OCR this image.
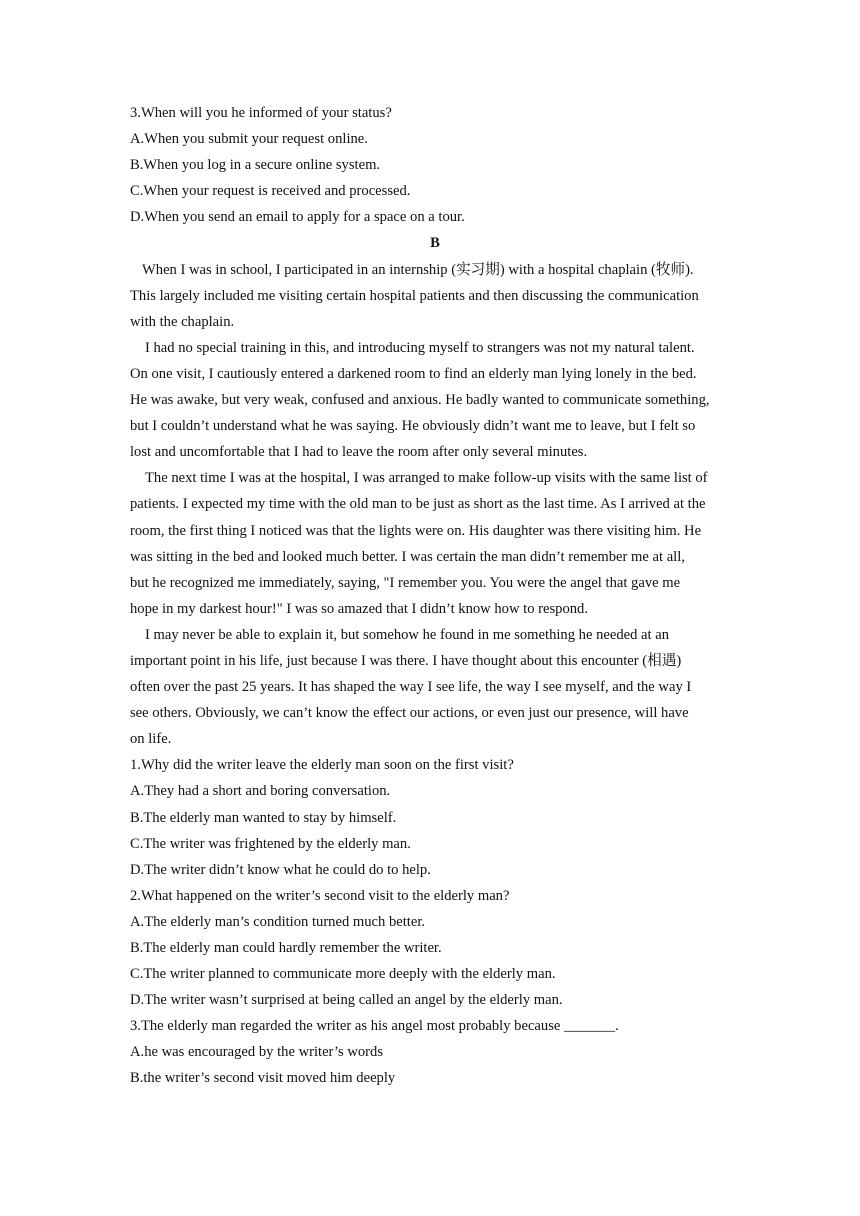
3.When will you he informed of your status?
A.When you submit your request online.
B.When you log in a secure online system.
C.When your request is received and processed.
D.When you send an email to apply for a space on a tour.
B
When I was in school, I participated in an internship (实习期) with a hospital chaplain (牧师).
This largely included me visiting certain hospital patients and then discussing the communication
with the chaplain.
I had no special training in this, and introducing myself to strangers was not my natural talent.
On one visit, I cautiously entered a darkened room to find an elderly man lying lonely in the bed.
He was awake, but very weak, confused and anxious. He badly wanted to communicate something,
but I couldn’t understand what he was saying. He obviously didn’t want me to leave, but I felt so
lost and uncomfortable that I had to leave the room after only several minutes.
The next time I was at the hospital, I was arranged to make follow-up visits with the same list of
patients. I expected my time with the old man to be just as short as the last time. As I arrived at the
room, the first thing I noticed was that the lights were on. His daughter was there visiting him. He
was sitting in the bed and looked much better. I was certain the man didn’t remember me at all,
but he recognized me immediately, saying, "I remember you. You were the angel that gave me
hope in my darkest hour!" I was so amazed that I didn’t know how to respond.
I may never be able to explain it, but somehow he found in me something he needed at an
important point in his life, just because I was there. I have thought about this encounter (相遇)
often over the past 25 years. It has shaped the way I see life, the way I see myself, and the way I
see others. Obviously, we can’t know the effect our actions, or even just our presence, will have
on life.
1.Why did the writer leave the elderly man soon on the first visit?
A.They had a short and boring conversation.
B.The elderly man wanted to stay by himself.
C.The writer was frightened by the elderly man.
D.The writer didn’t know what he could do to help.
2.What happened on the writer’s second visit to the elderly man?
A.The elderly man’s condition turned much better.
B.The elderly man could hardly remember the writer.
C.The writer planned to communicate more deeply with the elderly man.
D.The writer wasn’t surprised at being called an angel by the elderly man.
3.The elderly man regarded the writer as his angel most probably because _______.
A.he was encouraged by the writer’s words
B.the writer’s second visit moved him deeply
